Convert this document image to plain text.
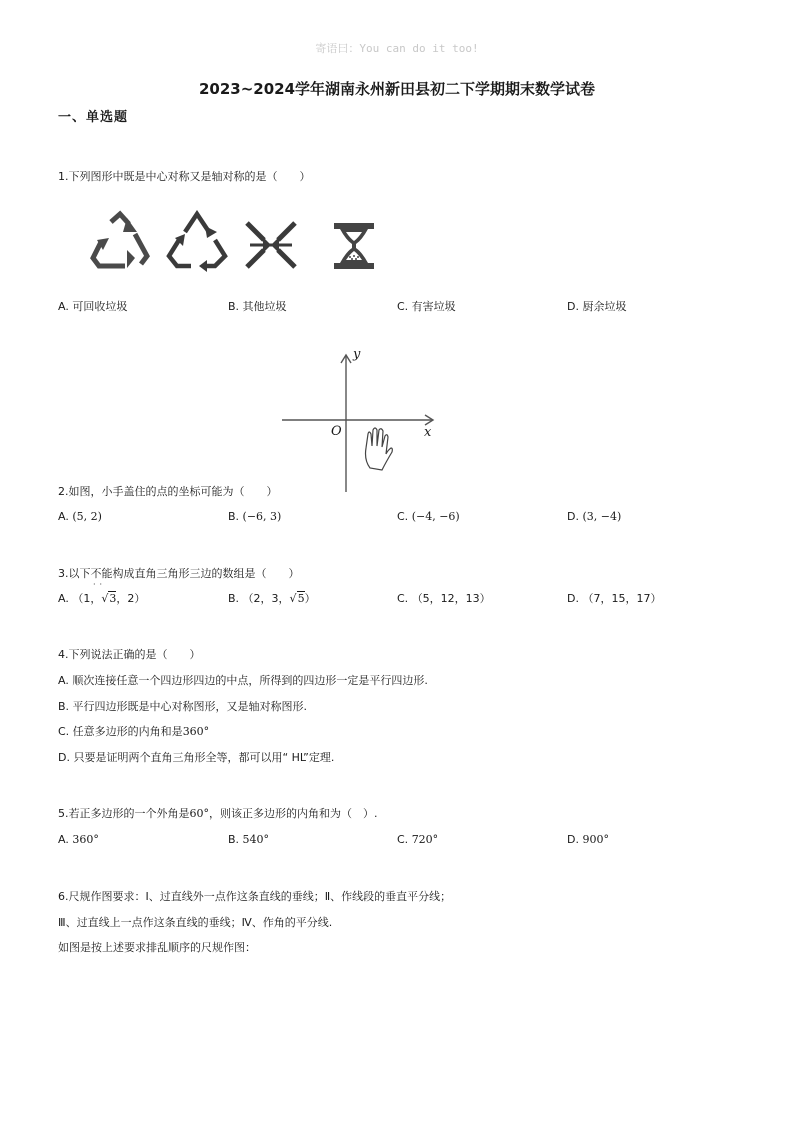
寄语曰：You can do it too!
2023~2024学年湖南永州新田县初二下学期期末数学试卷
一、单选题
1.下列图形中既是中心对称又是轴对称的是（　　）
A. 可回收垃圾	B. 其他垃圾	C. 有害垃圾	D. 厨余垃圾
y
x
O
2.如图，小手盖住的点的坐标可能为（　　）
A. (5, 2)	B. (−6, 3)	C. (−4, −6)	D. (3, −4)
3.以下不能构成直角三角形三边的数组是（　　）
··
A. （1，√3，2）	B. （2，3，√5）	C. （5，12，13）	D. （7，15，17）
4.下列说法正确的是（　　）
A. 顺次连接任意一个四边形四边的中点，所得到的四边形一定是平行四边形.
B. 平行四边形既是中心对称图形，又是轴对称图形.
C. 任意多边形的内角和是360°
D. 只要是证明两个直角三角形全等，都可以用“ HL”定理.
5.若正多边形的一个外角是60°，则该正多边形的内角和为（　）.
A. 360°	B. 540°	C. 720°	D. 900°
6.尺规作图要求：Ⅰ、过直线外一点作这条直线的垂线；Ⅱ、作线段的垂直平分线；
Ⅲ、过直线上一点作这条直线的垂线；Ⅳ、作角的平分线.
如图是按上述要求排乱顺序的尺规作图：
